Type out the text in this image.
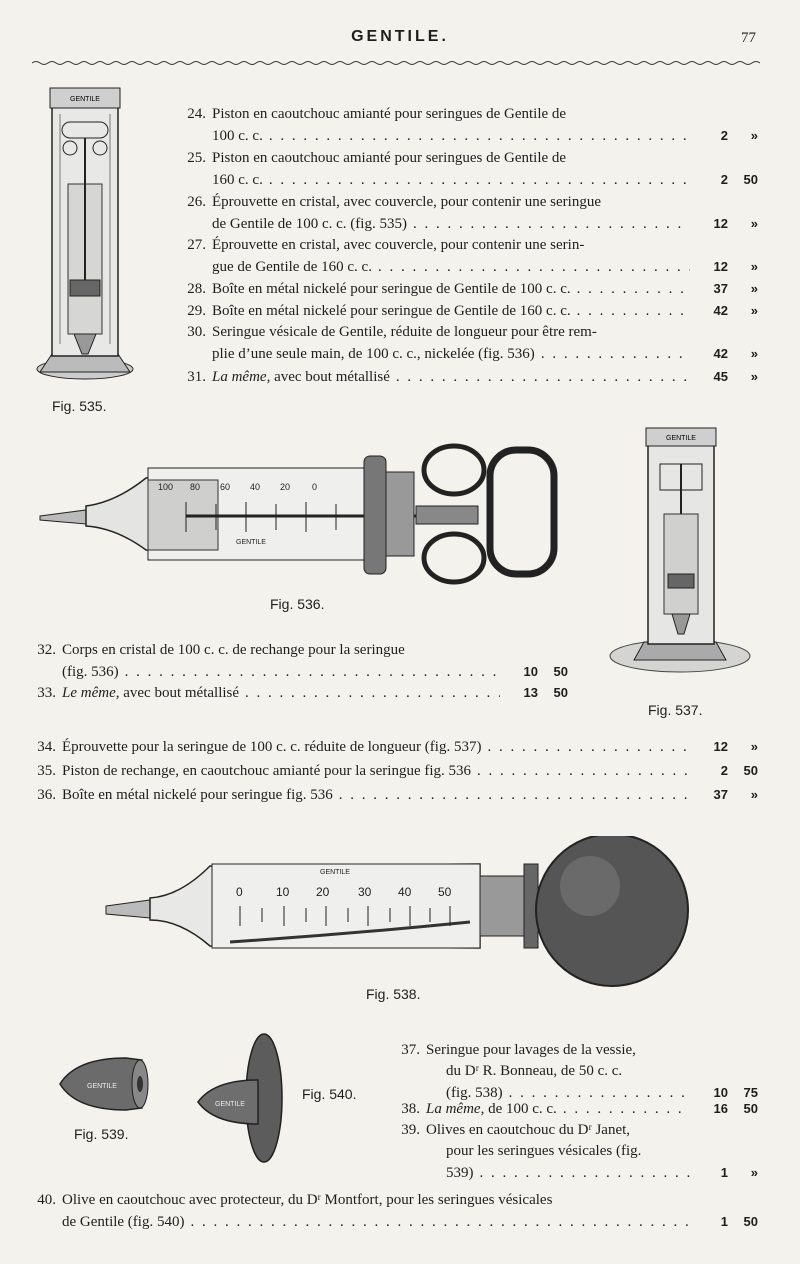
GENTILE.	77
GENTILE
Fig. 535.
24. Piston en caoutchouc amianté pour seringues de Gentile de
100 c. c. . . .	2	»
25. Piston en caoutchouc amianté pour seringues de Gentile de
160 c. c. . . .	2	50
26. Éprouvette en cristal, avec couvercle, pour contenir une seringue
de Gentile de 100 c. c. (fig. 535) . . .	12	»
27. Éprouvette en cristal, avec couvercle, pour contenir une serin-
gue de Gentile de 160 c. c. . . .	12	»
28. Boîte en métal nickelé pour seringue de Gentile de 100 c. c. . . .	37	»
29. Boîte en métal nickelé pour seringue de Gentile de 160 c. c. . . .	42	»
30. Seringue vésicale de Gentile, réduite de longueur pour être rem-
plie d’une seule main, de 100 c. c., nickelée (fig. 536) . . .	42	»
31. La même,
avec bout métallisé . . .	45	»
100 80 60 40 20 0
GENTILE
Fig. 536.
GENTILE
Fig. 537.
32. Corps en cristal de 100 c. c. de rechange pour la seringue
(fig. 536) . . .	10	50
33. Le même,
avec bout métallisé . . .	13	50
34. Éprouvette pour la seringue de 100 c. c. réduite de longueur (fig. 537) . . .	12	»
35. Piston de rechange, en caoutchouc amianté pour la seringue fig. 536 . . .	2	50
36. Boîte en métal nickelé pour seringue fig. 536 . . .	37	»
0	10 20 30 40 50
GENTILE
Fig. 538.
GENTILE
Fig. 539.
GENTILE
Fig. 540.
37. Seringue pour lavages de la vessie,
du Dʳ R. Bonneau, de 50 c. c.
(fig. 538) . . .	10	75
38. La même,
de 100 c. c. . . .	16	50
39. Olives en caoutchouc du Dʳ Janet,
pour les seringues vésicales (fig.
539) . . .	1	»
40. Olive en caoutchouc avec protecteur, du Dʳ Montfort, pour les seringues vésicales
de Gentile (fig. 540) . . .	1	50
